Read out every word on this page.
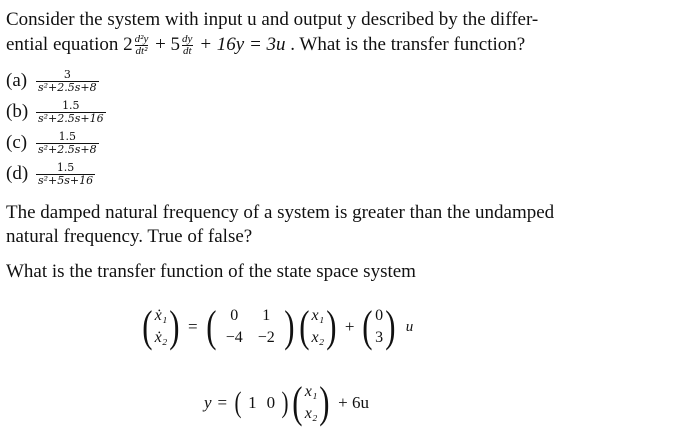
Consider the system with input u and output y described by the differ-
ential equation $2 \frac{\text{d²y}}{\text{dt²}} + 5 \frac{dy}{dt} + 16y = 3u$ . What is the transfer function?
$(a) \frac{3}{\text{s²+2.5s+8}}$
$(b) \frac{1.5}{\text{s²+2.5s+16}}$
$(c) \frac{1.5}{\text{s²+2.5s+8}}$
$(d) \frac{1.5}{\text{s²+5s+16}}$
The damped natural frequency of a system is greater than the undamped
natural frequency. True of false?
What is the transfer function of the state space system
( ẋ₁
ẋ₂ ) = ( 0 1
−4 −2 ) ( x₁
x₂ ) + ( 0
3 ) u
y = ( 1 0 ) ( x₁
x₂ ) + 6u
